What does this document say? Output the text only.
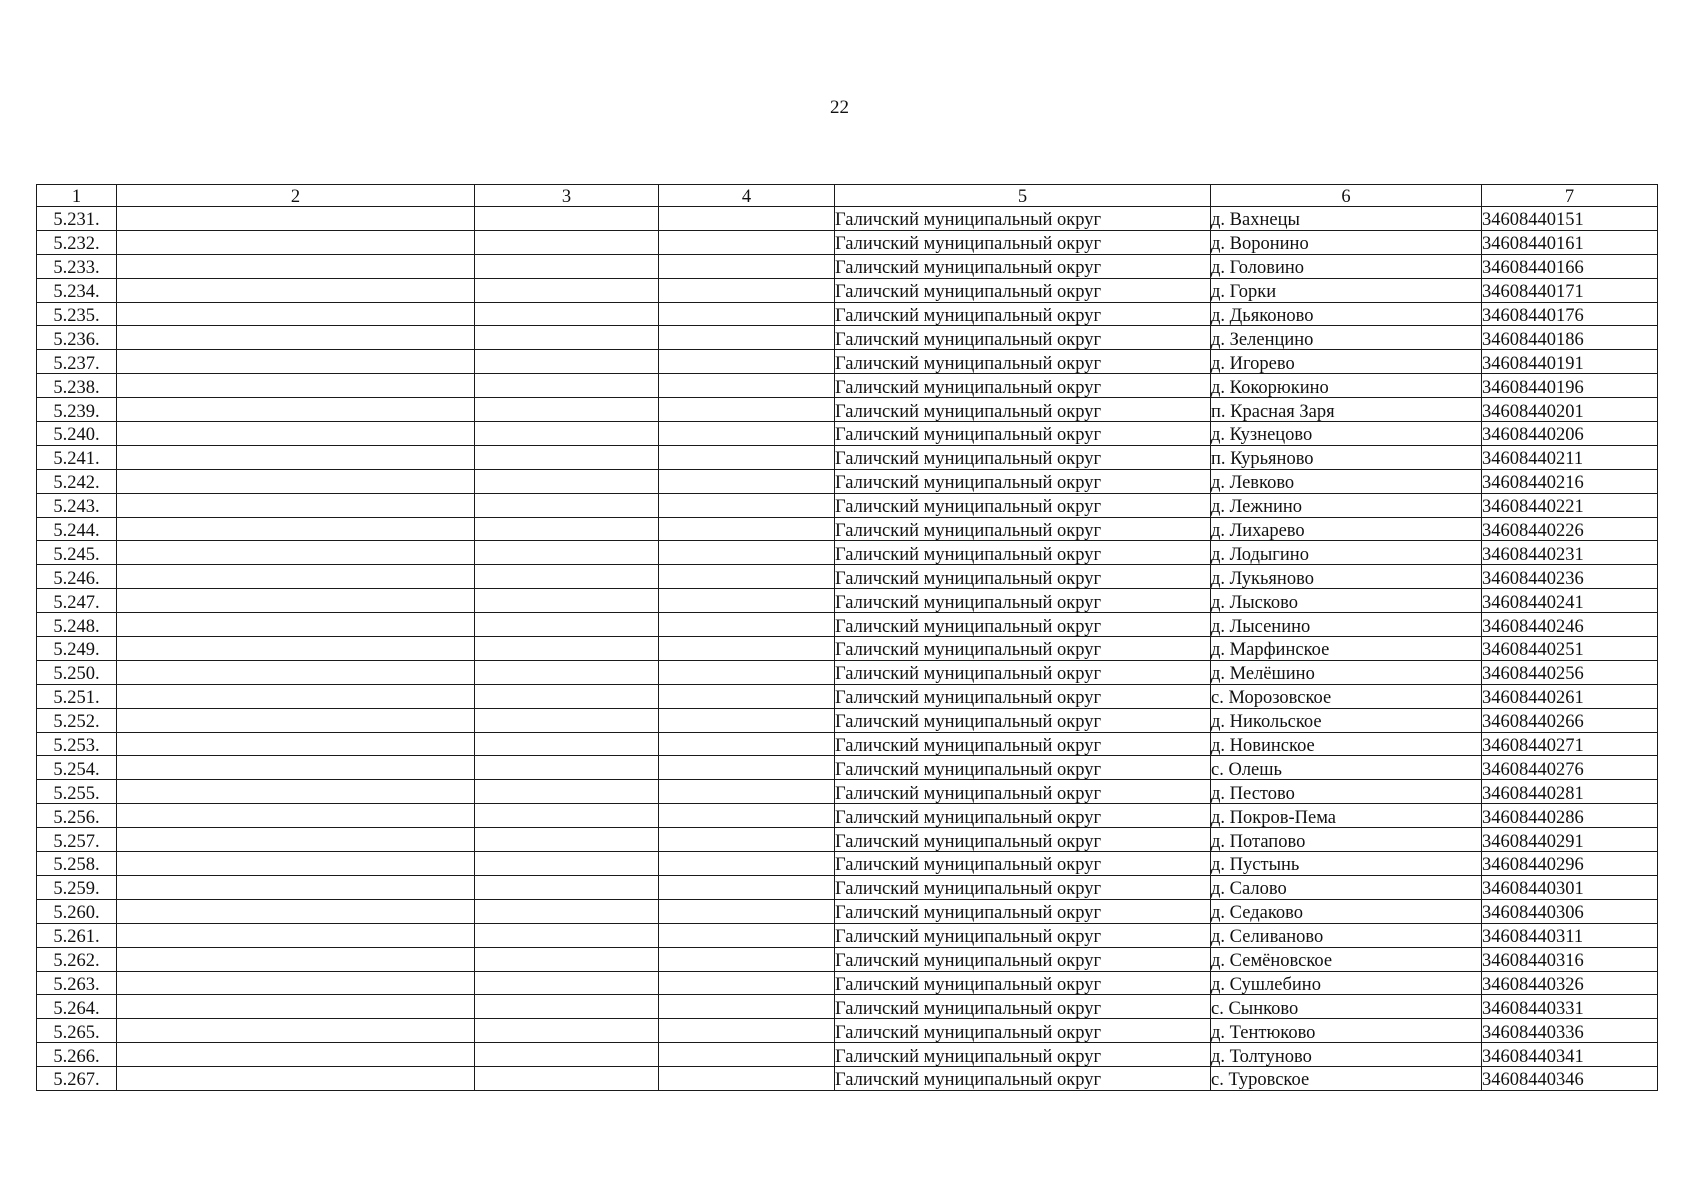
22
1	2	3	4	5	6	7
5.231.				Галичский муниципальный округ	д. Вахнецы	34608440151
5.232.				Галичский муниципальный округ	д. Воронино	34608440161
5.233.				Галичский муниципальный округ	д. Головино	34608440166
5.234.				Галичский муниципальный округ	д. Горки	34608440171
5.235.				Галичский муниципальный округ	д. Дьяконово	34608440176
5.236.				Галичский муниципальный округ	д. Зеленцино	34608440186
5.237.				Галичский муниципальный округ	д. Игорево	34608440191
5.238.				Галичский муниципальный округ	д. Кокорюкино	34608440196
5.239.				Галичский муниципальный округ	п. Красная Заря	34608440201
5.240.				Галичский муниципальный округ	д. Кузнецово	34608440206
5.241.				Галичский муниципальный округ	п. Курьяново	34608440211
5.242.				Галичский муниципальный округ	д. Левково	34608440216
5.243.				Галичский муниципальный округ	д. Лежнино	34608440221
5.244.				Галичский муниципальный округ	д. Лихарево	34608440226
5.245.				Галичский муниципальный округ	д. Лодыгино	34608440231
5.246.				Галичский муниципальный округ	д. Лукьяново	34608440236
5.247.				Галичский муниципальный округ	д. Лысково	34608440241
5.248.				Галичский муниципальный округ	д. Лысенино	34608440246
5.249.				Галичский муниципальный округ	д. Марфинское	34608440251
5.250.				Галичский муниципальный округ	д. Мелёшино	34608440256
5.251.				Галичский муниципальный округ	с. Морозовское	34608440261
5.252.				Галичский муниципальный округ	д. Никольское	34608440266
5.253.				Галичский муниципальный округ	д. Новинское	34608440271
5.254.				Галичский муниципальный округ	с. Олешь	34608440276
5.255.				Галичский муниципальный округ	д. Пестово	34608440281
5.256.				Галичский муниципальный округ	д. Покров-Пема	34608440286
5.257.				Галичский муниципальный округ	д. Потапово	34608440291
5.258.				Галичский муниципальный округ	д. Пустынь	34608440296
5.259.				Галичский муниципальный округ	д. Салово	34608440301
5.260.				Галичский муниципальный округ	д. Седаково	34608440306
5.261.				Галичский муниципальный округ	д. Селиваново	34608440311
5.262.				Галичский муниципальный округ	д. Семёновское	34608440316
5.263.				Галичский муниципальный округ	д. Сушлебино	34608440326
5.264.				Галичский муниципальный округ	с. Сынково	34608440331
5.265.				Галичский муниципальный округ	д. Тентюково	34608440336
5.266.				Галичский муниципальный округ	д. Толтуново	34608440341
5.267.				Галичский муниципальный округ	с. Туровское	34608440346
